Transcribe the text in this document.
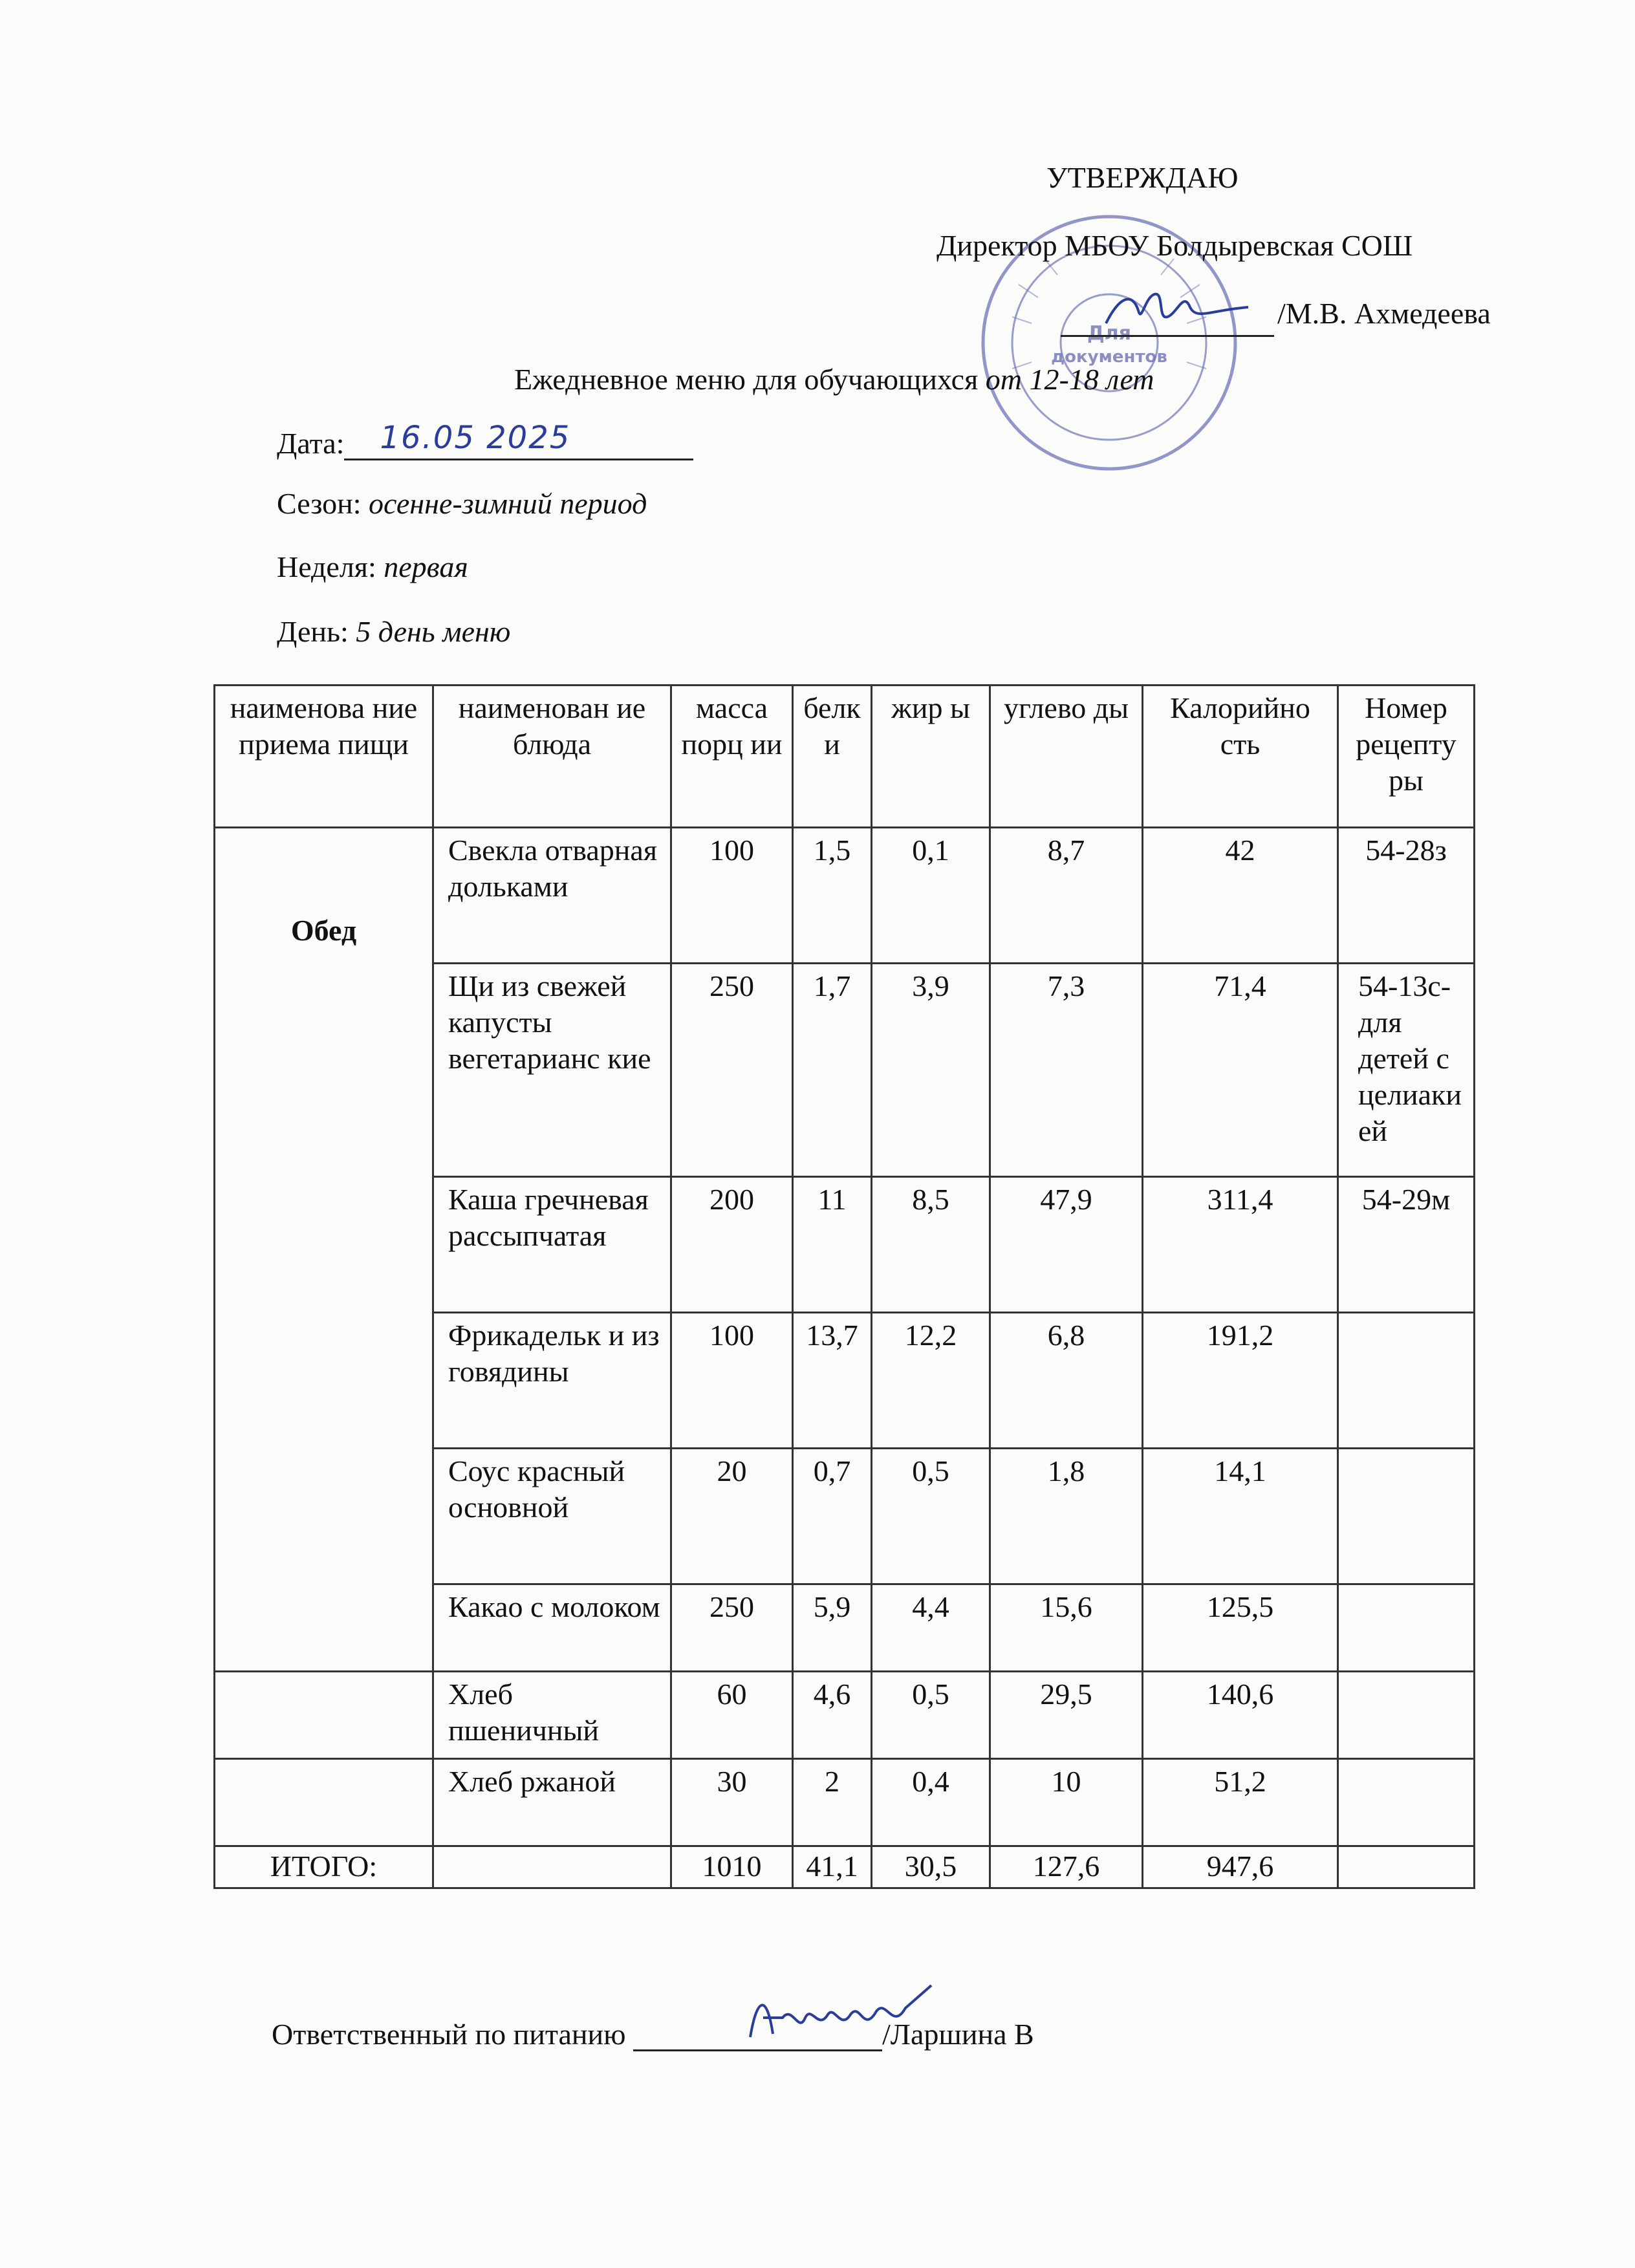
Для
документов
УТВЕРЖДАЮ
Директор МБОУ Болдыревская СОШ
/М.В. Ахмедеева
Ежедневное меню для обучающихся от 12-18 лет
Дата: 16.05 2025
Сезон: осенне-зимний период
Неделя: первая
День: 5 день меню
наименова ние приема пищи	наименован ие блюда	масса порц ии	белк и	жир ы	углево ды	Калорийно сть	Номер рецепту ры
Обед	Свекла отварная дольками	100	1,5	0,1	8,7	42	54-28з
	Щи из свежей капусты вегетарианс кие	250	1,7	3,9	7,3	71,4	54-13с- для детей с целиаки ей
	Каша гречневая рассыпчатая	200	11	8,5	47,9	311,4	54-29м
	Фрикадельк и из говядины	100	13,7	12,2	6,8	191,2	
	Соус красный основной	20	0,7	0,5	1,8	14,1	
	Какао с молоком	250	5,9	4,4	15,6	125,5	
	Хлеб пшеничный	60	4,6	0,5	29,5	140,6	
	Хлеб ржаной	30	2	0,4	10	51,2	
ИТОГО:		1010	41,1	30,5	127,6	947,6	
Ответственный по питанию	/Ларшина В
